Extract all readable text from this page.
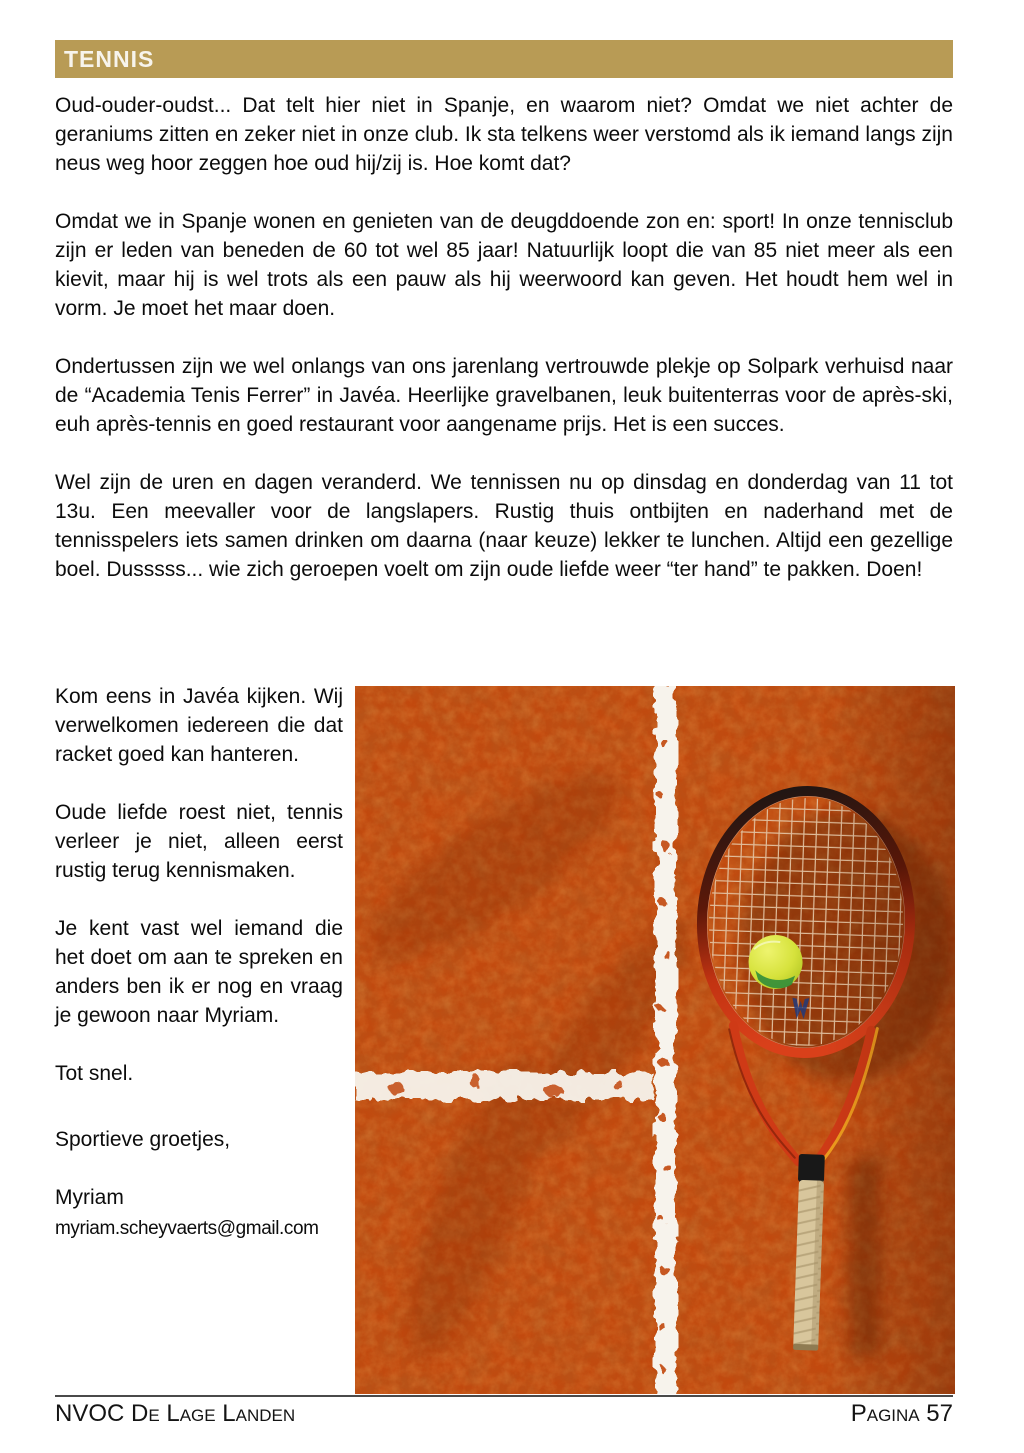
TENNIS

Oud-ouder-oudst... Dat telt hier niet in Spanje, en waarom niet? Omdat we niet achter de geraniums zitten en zeker niet in onze club. Ik sta telkens weer verstomd als ik iemand langs zijn neus weg hoor zeggen hoe oud hij/zij is. Hoe komt dat?

Omdat we in Spanje wonen en genieten van de deugddoende zon en: sport! In onze tennisclub zijn er leden van beneden de 60 tot wel 85 jaar! Natuurlijk loopt die van 85 niet meer als een kievit, maar hij is wel trots als een pauw als hij weerwoord kan geven. Het houdt hem wel in vorm. Je moet het maar doen.

Ondertussen zijn we wel onlangs van ons jarenlang vertrouwde plekje op Solpark verhuisd naar de “Academia Tenis Ferrer” in Javéa. Heerlijke gravelbanen, leuk buitenterras voor de après-ski, euh après-tennis en goed restaurant voor aangename prijs. Het is een succes.

Wel zijn de uren en dagen veranderd. We tennissen nu op dinsdag en donderdag van 11 tot 13u. Een meevaller voor de langslapers. Rustig thuis ontbijten en naderhand met de tennisspelers iets samen drinken om daarna (naar keuze) lekker te lunchen. Altijd een gezellige boel. Dusssss... wie zich geroepen voelt om zijn oude liefde weer “ter hand” te pakken. Doen!

Kom eens in Javéa kijken. Wij verwelkomen iedereen die dat racket goed kan hanteren.

Oude liefde roest niet, tennis verleer je niet, alleen eerst rustig terug kennismaken.

Je kent vast wel iemand die het doet om aan te spreken en anders ben ik er nog en vraag je gewoon naar Myriam.

Tot snel.

Sportieve groetjes,

Myriam

myriam.scheyvaerts@gmail.com

NVOC De Lage Landen	Pagina 57
